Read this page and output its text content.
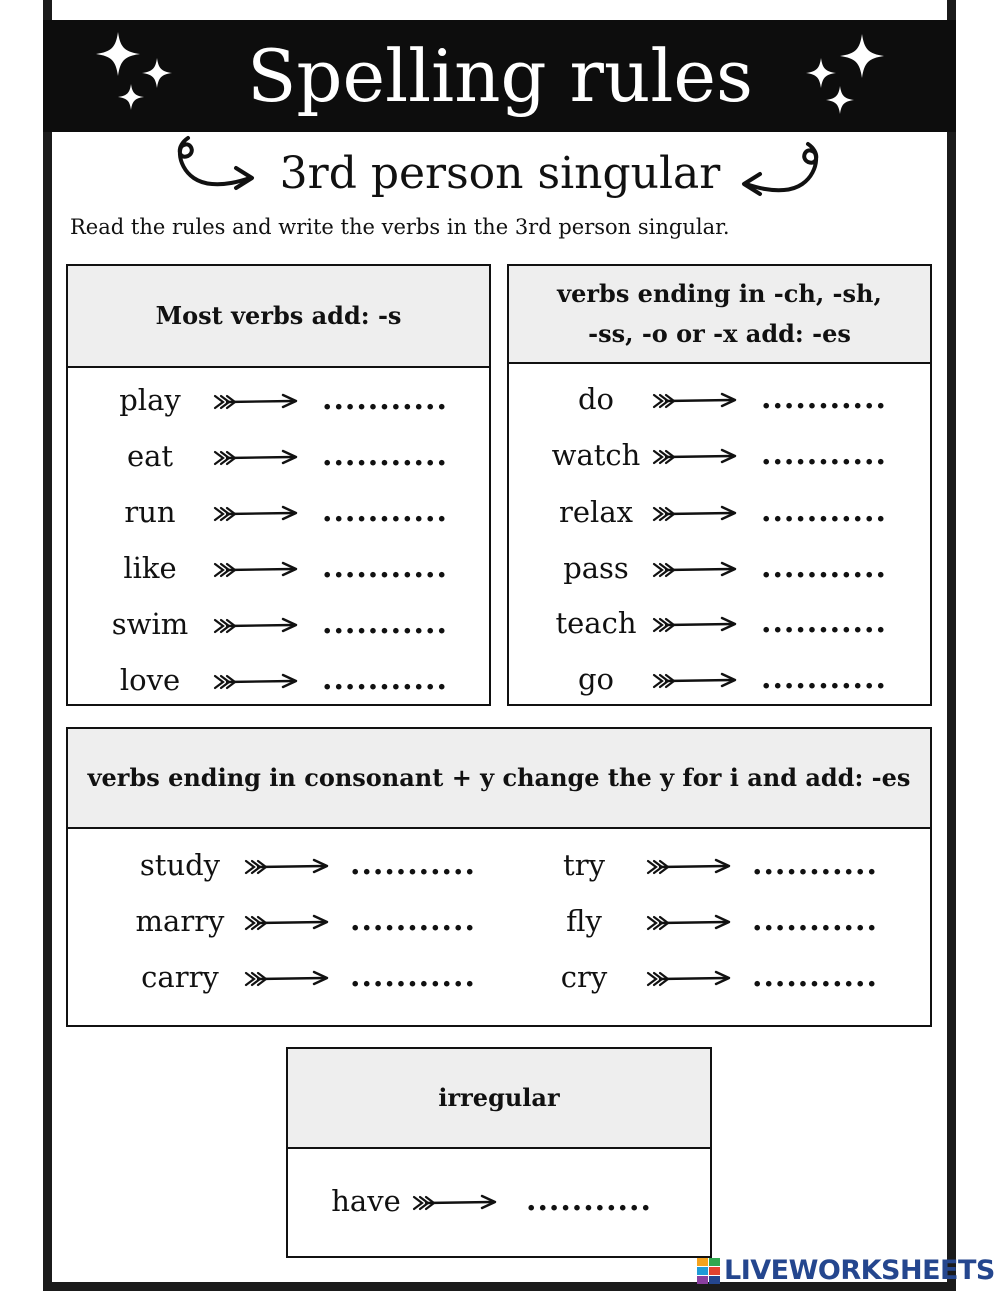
Spelling rules
3rd person singular
Read the rules and write the verbs in the 3rd person singular.
Most verbs add: -s
play	...........
eat	...........
run	...........
like	...........
swim	...........
love	...........
verbs ending in -ch, -sh,
-ss, -o or -x add: -es
do	...........
watch	...........
relax	...........
pass	...........
teach	...........
go	...........
verbs ending in consonant + y change the y for i and add: -es
study	...........
marry	...........
carry	...........
try	...........
fly	...........
cry	...........
irregular
have	...........
LIVEWORKSHEETS
